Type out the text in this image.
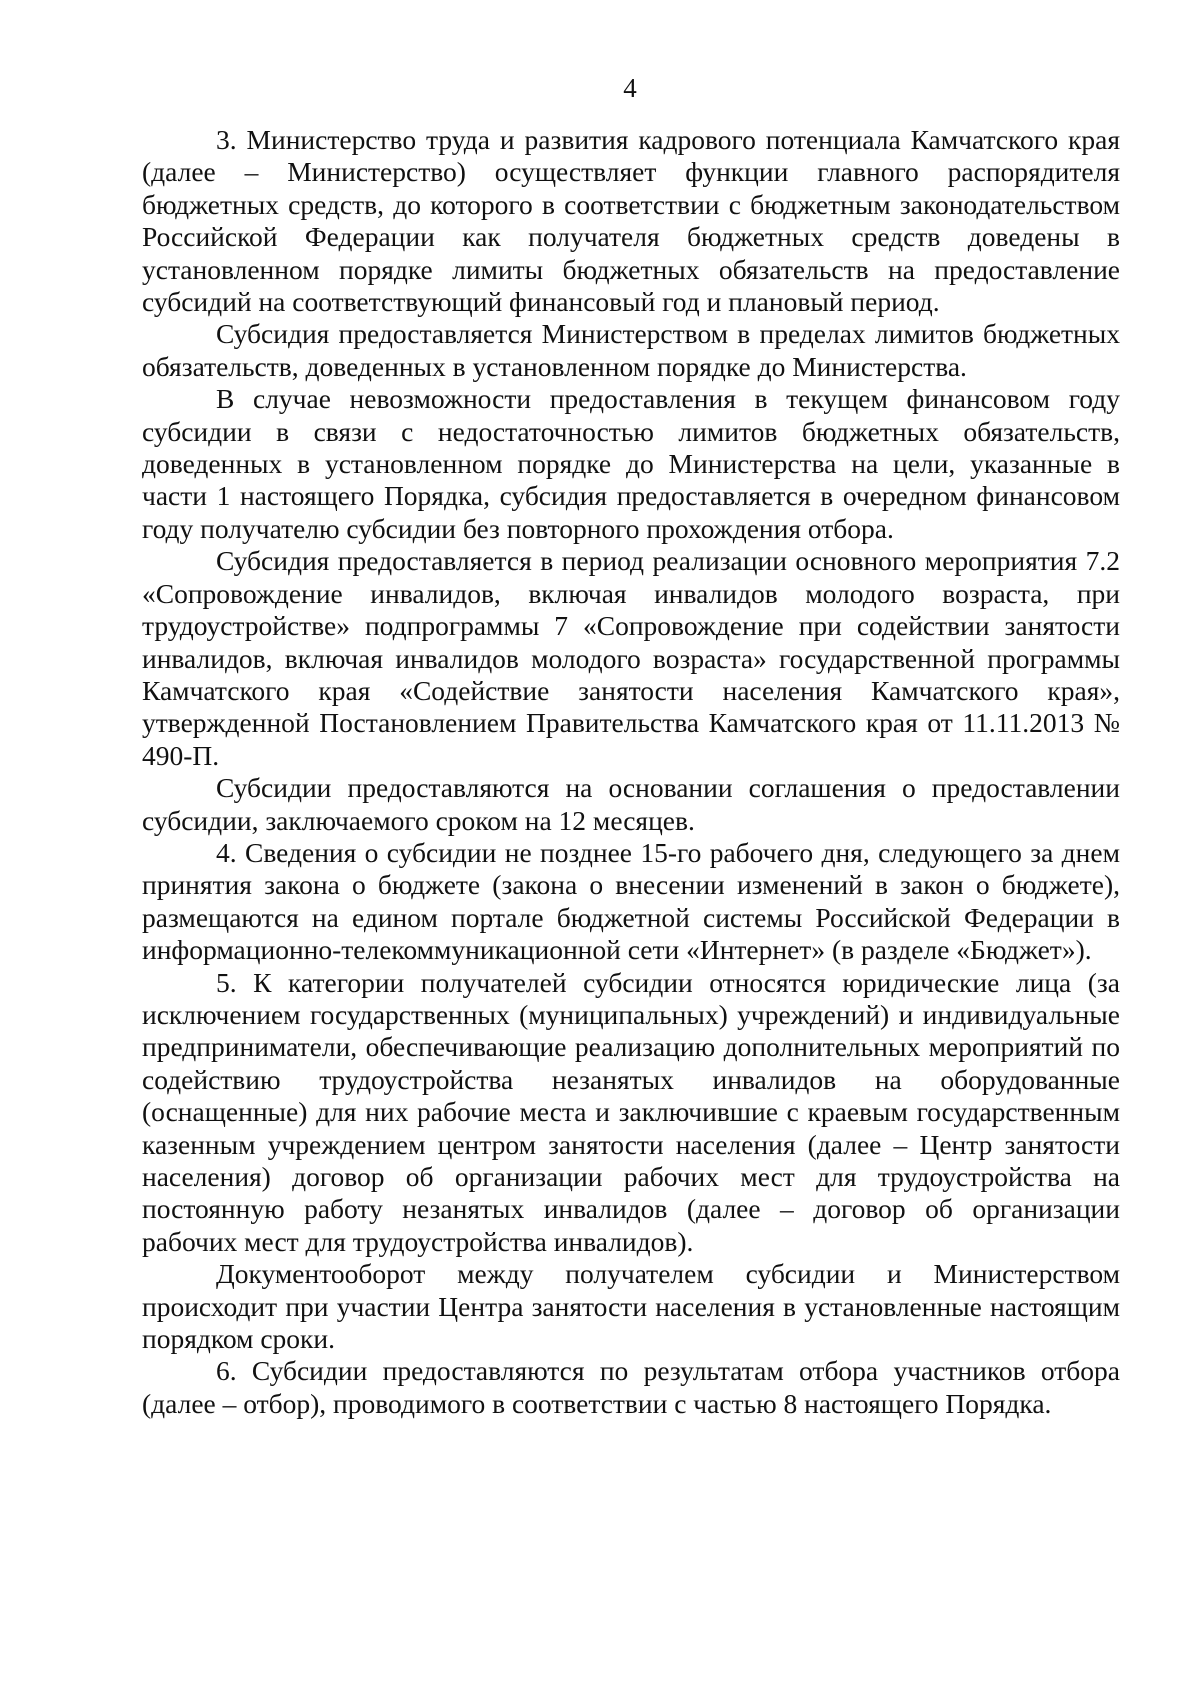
4

3. Министерство труда и развития кадрового потенциала Камчатского края (далее – Министерство) осуществляет функции главного распорядителя бюджетных средств, до которого в соответствии с бюджетным законодательством Российской Федерации как получателя бюджетных средств доведены в установленном порядке лимиты бюджетных обязательств на предоставление субсидий на соответствующий финансовый год и плановый период.

Субсидия предоставляется Министерством в пределах лимитов бюджетных обязательств, доведенных в установленном порядке до Министерства.

В случае невозможности предоставления в текущем финансовом году субсидии в связи с недостаточностью лимитов бюджетных обязательств, доведенных в установленном порядке до Министерства на цели, указанные в части 1 настоящего Порядка, субсидия предоставляется в очередном финансовом году получателю субсидии без повторного прохождения отбора.

Субсидия предоставляется в период реализации основного мероприятия 7.2 «Сопровождение инвалидов, включая инвалидов молодого возраста, при трудоустройстве» подпрограммы 7 «Сопровождение при содействии занятости инвалидов, включая инвалидов молодого возраста» государственной программы Камчатского края «Содействие занятости населения Камчатского края», утвержденной Постановлением Правительства Камчатского края от 11.11.2013 № 490-П.

Субсидии предоставляются на основании соглашения о предоставлении субсидии, заключаемого сроком на 12 месяцев.

4. Сведения о субсидии не позднее 15-го рабочего дня, следующего за днем принятия закона о бюджете (закона о внесении изменений в закон о бюджете), размещаются на едином портале бюджетной системы Российской Федерации в информационно-телекоммуникационной сети «Интернет» (в разделе «Бюджет»).

5. К категории получателей субсидии относятся юридические лица (за исключением государственных (муниципальных) учреждений) и индивидуальные предприниматели, обеспечивающие реализацию дополнительных мероприятий по содействию трудоустройства незанятых инвалидов на оборудованные (оснащенные) для них рабочие места и заключившие с краевым государственным казенным учреждением центром занятости населения (далее – Центр занятости населения) договор об организации рабочих мест для трудоустройства на постоянную работу незанятых инвалидов (далее – договор об организации рабочих мест для трудоустройства инвалидов).

Документооборот между получателем субсидии и Министерством происходит при участии Центра занятости населения в установленные настоящим порядком сроки.

6. Субсидии предоставляются по результатам отбора участников отбора (далее – отбор), проводимого в соответствии с частью 8 настоящего Порядка.
